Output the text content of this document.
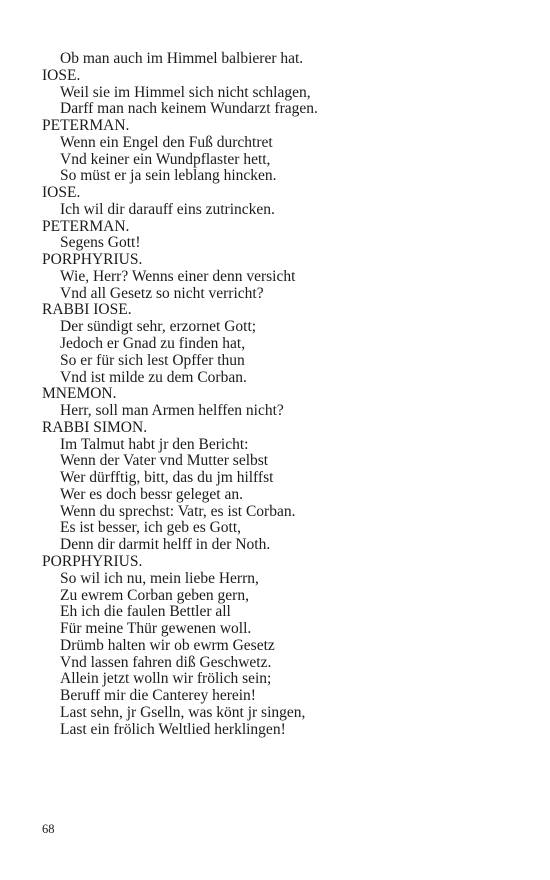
Ob man auch im Himmel balbierer hat.
IOSE.
Weil sie im Himmel sich nicht schlagen,
Darff man nach keinem Wundarzt fragen.
PETERMAN.
Wenn ein Engel den Fuß durchtret
Vnd keiner ein Wundpflaster hett,
So müst er ja sein leblang hincken.
IOSE.
Ich wil dir darauff eins zutrincken.
PETERMAN.
Segens Gott!
PORPHYRIUS.
Wie, Herr? Wenns einer denn versicht
Vnd all Gesetz so nicht verricht?
RABBI IOSE.
Der sündigt sehr, erzornet Gott;
Jedoch er Gnad zu finden hat,
So er für sich lest Opffer thun
Vnd ist milde zu dem Corban.
MNEMON.
Herr, soll man Armen helffen nicht?
RABBI SIMON.
Im Talmut habt jr den Bericht:
Wenn der Vater vnd Mutter selbst
Wer dürfftig, bitt, das du jm hilffst
Wer es doch bessr geleget an.
Wenn du sprechst: Vatr, es ist Corban.
Es ist besser, ich geb es Gott,
Denn dir darmit helff in der Noth.
PORPHYRIUS.
So wil ich nu, mein liebe Herrn,
Zu ewrem Corban geben gern,
Eh ich die faulen Bettler all
Für meine Thür gewenen woll.
Drümb halten wir ob ewrm Gesetz
Vnd lassen fahren diß Geschwetz.
Allein jetzt wolln wir frölich sein;
Beruff mir die Canterey herein!
Last sehn, jr Gselln, was könt jr singen,
Last ein frölich Weltlied herklingen!
68
